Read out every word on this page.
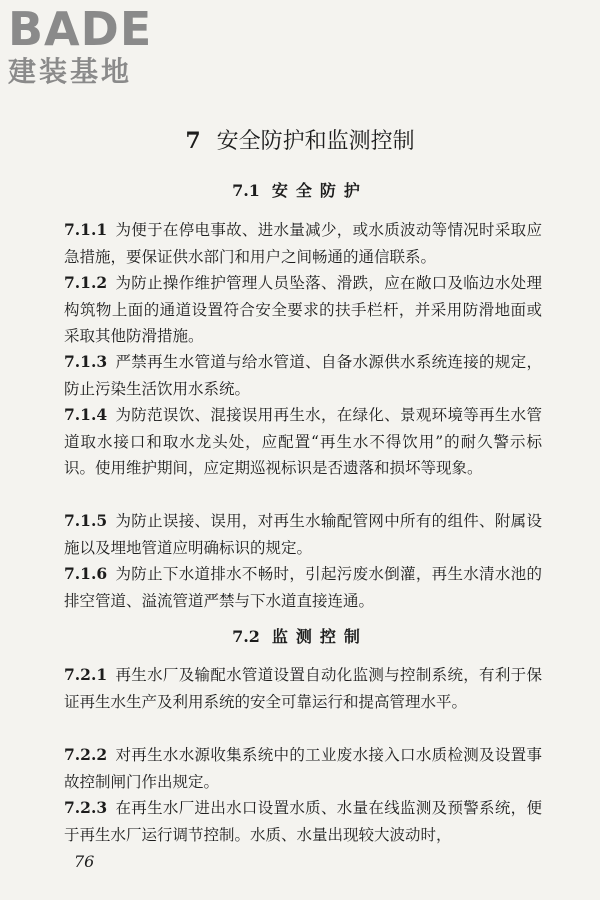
BADE
建装基地
7 安全防护和监测控制
7.1 安全防护
7.1.1 为便于在停电事故、进水量减少，或水质波动等情况时采取应急措施，要保证供水部门和用户之间畅通的通信联系。
7.1.2 为防止操作维护管理人员坠落、滑跌，应在敞口及临边水处理构筑物上面的通道设置符合安全要求的扶手栏杆，并采用防滑地面或采取其他防滑措施。
7.1.3 严禁再生水管道与给水管道、自备水源供水系统连接的规定，防止污染生活饮用水系统。
7.1.4 为防范误饮、混接误用再生水，在绿化、景观环境等再生水管道取水接口和取水龙头处，应配置“再生水不得饮用”的耐久警示标识。使用维护期间，应定期巡视标识是否遗落和损坏等现象。
7.1.5 为防止误接、误用，对再生水输配管网中所有的组件、附属设施以及埋地管道应明确标识的规定。
7.1.6 为防止下水道排水不畅时，引起污废水倒灌，再生水清水池的排空管道、溢流管道严禁与下水道直接连通。
7.2 监测控制
7.2.1 再生水厂及输配水管道设置自动化监测与控制系统，有利于保证再生水生产及利用系统的安全可靠运行和提高管理水平。
7.2.2 对再生水水源收集系统中的工业废水接入口水质检测及设置事故控制闸门作出规定。
7.2.3 在再生水厂进出水口设置水质、水量在线监测及预警系统，便于再生水厂运行调节控制。水质、水量出现较大波动时，
76
